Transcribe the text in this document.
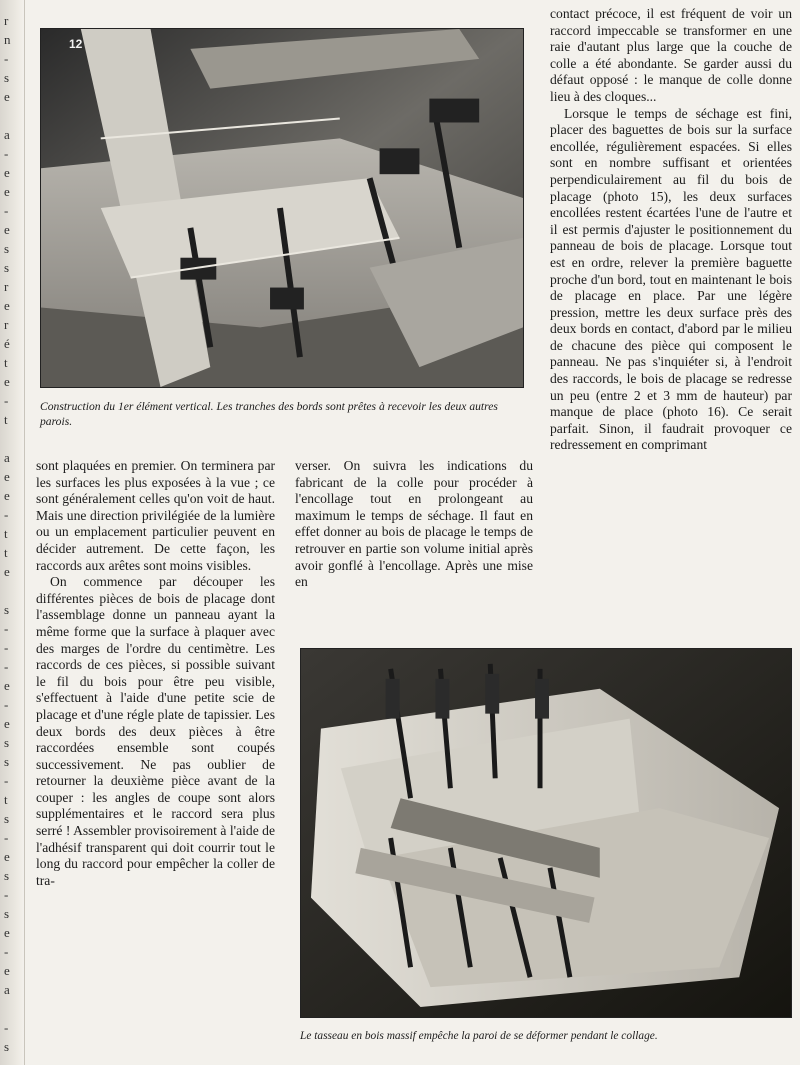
r
n
-
s
e
a
-
e
e
-
e
s
s
r
e
r
é
t
e
-
t
a
e
e
-
t
t
e
s
-
-
-
e
-
e
s
s
-
t
s
-
e
s
-
s
e
-
e
a
-
s
12
Construction du 1er élément vertical. Les tranches des bords sont prêtes à recevoir les deux autres parois.

contact précoce, il est fréquent de voir un raccord impeccable se transformer en une raie d'autant plus large que la couche de colle a été abondante. Se garder aussi du défaut opposé : le manque de colle donne lieu à des cloques...

Lorsque le temps de séchage est fini, placer des baguettes de bois sur la surface encollée, régulièrement espacées. Si elles sont en nombre suffisant et orientées perpendiculairement au fil du bois de placage (photo 15), les deux surfaces encollées restent écartées l'une de l'autre et il est permis d'ajuster le positionnement du panneau de bois de placage. Lorsque tout est en ordre, relever la première baguette proche d'un bord, tout en maintenant le bois de placage en place. Par une légère pression, mettre les deux surface près des deux bords en contact, d'abord par le milieu de chacune des pièce qui composent le panneau. Ne pas s'inquiéter si, à l'endroit des raccords, le bois de placage se redresse un peu (entre 2 et 3 mm de hauteur) par manque de place (photo 16). Ce serait parfait. Sinon, il faudrait provoquer ce redressement en comprimant

sont plaquées en premier. On terminera par les surfaces les plus exposées à la vue ; ce sont généralement celles qu'on voit de haut. Mais une direction privilégiée de la lumière ou un emplacement particulier peuvent en décider autrement. De cette façon, les raccords aux arêtes sont moins visibles.

On commence par découper les différentes pièces de bois de placage dont l'assemblage donne un panneau ayant la même forme que la surface à plaquer avec des marges de l'ordre du centimètre. Les raccords de ces pièces, si possible suivant le fil du bois pour être peu visible, s'effectuent à l'aide d'une petite scie de placage et d'une régle plate de tapissier. Les deux bords des deux pièces à être raccordées ensemble sont coupés successivement. Ne pas oublier de retourner la deuxième pièce avant de la couper : les angles de coupe sont alors supplémentaires et le raccord sera plus serré ! Assembler provisoirement à l'aide de l'adhésif transparent qui doit courrir tout le long du raccord pour empêcher la coller de tra-

verser. On suivra les indications du fabricant de la colle pour procéder à l'encollage tout en prolongeant au maximum le temps de séchage. Il faut en effet donner au bois de placage le temps de retrouver en partie son volume initial après avoir gonflé à l'encollage. Après une mise en

Le tasseau en bois massif empêche la paroi de se déformer pendant le collage.
